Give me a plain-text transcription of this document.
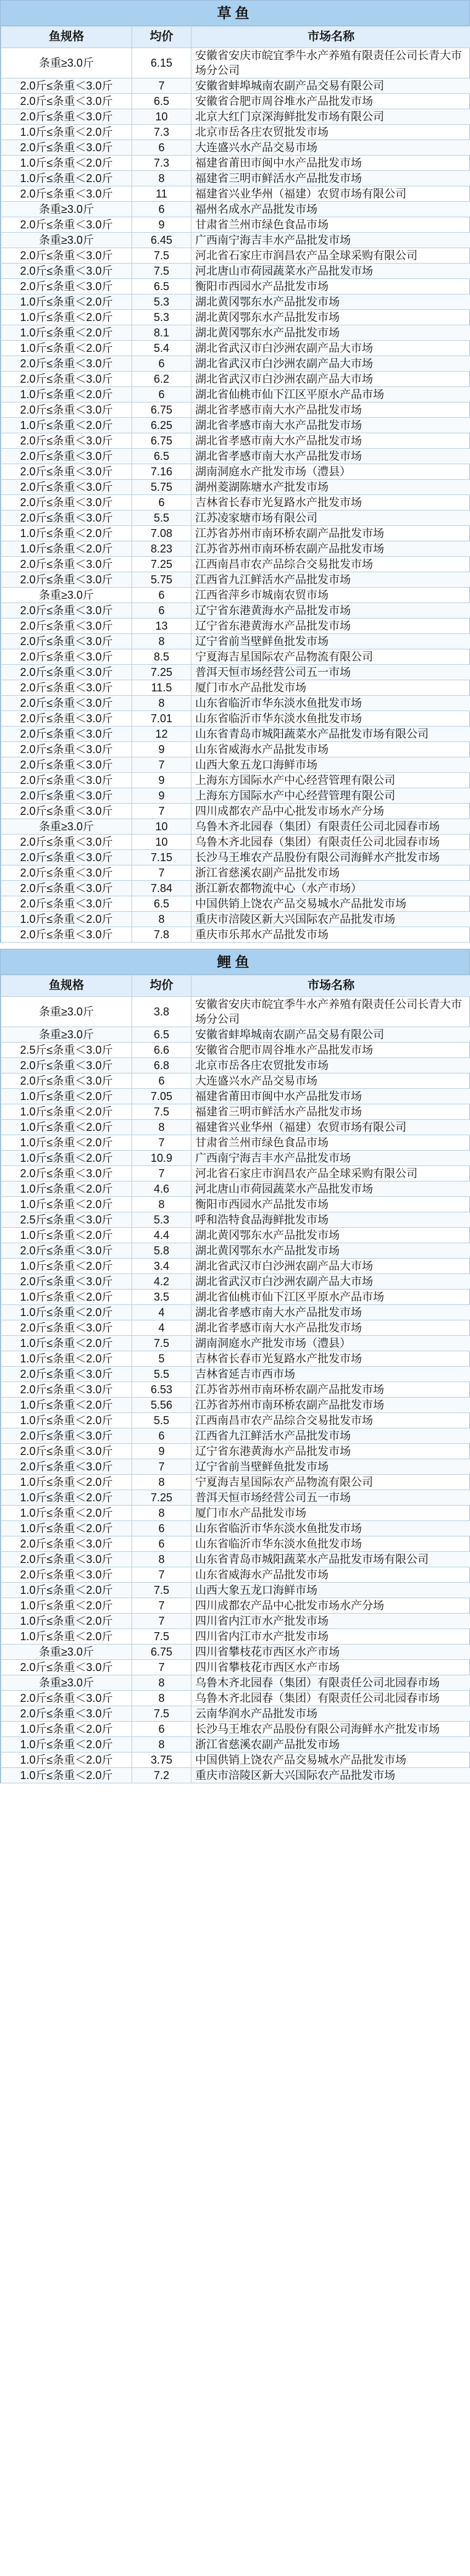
草鱼
鱼规格	均价	市场名称
条重≥3.0斤	6.15	安徽省安庆市皖宜季牛水产养殖有限责任公司长青大市场分公司
2.0斤≤条重＜3.0斤	7	安徽省蚌埠城南农副产品交易有限公司
2.0斤≤条重＜3.0斤	6.5	安徽省合肥市周谷堆水产品批发市场
2.0斤≤条重＜3.0斤	10	北京大红门京深海鲜批发市场有限公司
1.0斤≤条重＜2.0斤	7.3	北京市岳各庄农贸批发市场
2.0斤≤条重＜3.0斤	6	大连盛兴水产品交易市场
1.0斤≤条重＜2.0斤	7.3	福建省莆田市闽中水产品批发市场
1.0斤≤条重＜2.0斤	8	福建省三明市鲜活水产品批发市场
2.0斤≤条重＜3.0斤	11	福建省兴业华州（福建）农贸市场有限公司
条重≥3.0斤	6	福州名成水产品批发市场
2.0斤≤条重＜3.0斤	9	甘肃省兰州市绿色食品市场
条重≥3.0斤	6.45	广西南宁海吉丰水产品批发市场
2.0斤≤条重＜3.0斤	7.5	河北省石家庄市润昌农产品全球采购有限公司
2.0斤≤条重＜3.0斤	7.5	河北唐山市荷园蔬菜水产品批发市场
2.0斤≤条重＜3.0斤	6.5	衡阳市西园水产品批发市场
1.0斤≤条重＜2.0斤	5.3	湖北黄冈鄂东水产品批发市场
1.0斤≤条重＜2.0斤	5.3	湖北黄冈鄂东水产品批发市场
1.0斤≤条重＜2.0斤	8.1	湖北黄冈鄂东水产品批发市场
1.0斤≤条重＜2.0斤	5.4	湖北省武汉市白沙洲农副产品大市场
2.0斤≤条重＜3.0斤	6	湖北省武汉市白沙洲农副产品大市场
2.0斤≤条重＜3.0斤	6.2	湖北省武汉市白沙洲农副产品大市场
1.0斤≤条重＜2.0斤	6	湖北省仙桃市仙下江区平原水产品市场
2.0斤≤条重＜3.0斤	6.75	湖北省孝感市南大水产品批发市场
1.0斤≤条重＜2.0斤	6.25	湖北省孝感市南大水产品批发市场
2.0斤≤条重＜3.0斤	6.75	湖北省孝感市南大水产品批发市场
2.0斤≤条重＜3.0斤	6.5	湖北省孝感市南大水产品批发市场
2.0斤≤条重＜3.0斤	7.16	湖南洞庭水产批发市场（澧县）
2.0斤≤条重＜3.0斤	5.75	湖州菱湖陈塘水产批发市场
2.0斤≤条重＜3.0斤	6	吉林省长春市光复路水产批发市场
2.0斤≤条重＜3.0斤	5.5	江苏凌家塘市场有限公司
1.0斤≤条重＜2.0斤	7.08	江苏省苏州市南环桥农副产品批发市场
1.0斤≤条重＜2.0斤	8.23	江苏省苏州市南环桥农副产品批发市场
2.0斤≤条重＜3.0斤	7.25	江西南昌市农产品综合交易批发市场
2.0斤≤条重＜3.0斤	5.75	江西省九江鲜活水产品批发市场
条重≥3.0斤	6	江西省萍乡市城南农贸市场
2.0斤≤条重＜3.0斤	6	辽宁省东港黄海水产品批发市场
2.0斤≤条重＜3.0斤	13	辽宁省东港黄海水产品批发市场
2.0斤≤条重＜3.0斤	8	辽宁省前当壁鲜鱼批发市场
2.0斤≤条重＜3.0斤	8.5	宁夏海吉星国际农产品物流有限公司
2.0斤≤条重＜3.0斤	7.25	普洱天恒市场经营公司五一市场
2.0斤≤条重＜3.0斤	11.5	厦门市水产品批发市场
2.0斤≤条重＜3.0斤	8	山东省临沂市华东淡水鱼批发市场
2.0斤≤条重＜3.0斤	7.01	山东省临沂市华东淡水鱼批发市场
2.0斤≤条重＜3.0斤	12	山东省青岛市城阳蔬菜水产品批发市场有限公司
2.0斤≤条重＜3.0斤	9	山东省威海水产品批发市场
2.0斤≤条重＜3.0斤	7	山西大象五龙口海鲜市场
2.0斤≤条重＜3.0斤	9	上海东方国际水产中心经营管理有限公司
2.0斤≤条重＜3.0斤	9	上海东方国际水产中心经营管理有限公司
2.0斤≤条重＜3.0斤	7	四川成都农产品中心批发市场水产分场
条重≥3.0斤	10	乌鲁木齐北园春（集团）有限责任公司北园春市场
2.0斤≤条重＜3.0斤	10	乌鲁木齐北园春（集团）有限责任公司北园春市场
2.0斤≤条重＜3.0斤	7.15	长沙马王堆农产品股份有限公司海鲜水产批发市场
2.0斤≤条重＜3.0斤	7	浙江省慈溪农副产品批发市场
2.0斤≤条重＜3.0斤	7.84	浙江新农都物流中心（水产市场）
2.0斤≤条重＜3.0斤	6.5	中国供销上饶农产品交易城水产品批发市场
1.0斤≤条重＜2.0斤	8	重庆市涪陵区新大兴国际农产品批发市场
2.0斤≤条重＜3.0斤	7.8	重庆市乐邦水产品批发市场
鲤鱼
鱼规格	均价	市场名称
条重≥3.0斤	3.8	安徽省安庆市皖宜季牛水产养殖有限责任公司长青大市场分公司
条重≥3.0斤	6.5	安徽省蚌埠城南农副产品交易有限公司
2.5斤≤条重＜3.0斤	6.6	安徽省合肥市周谷堆水产品批发市场
2.0斤≤条重＜3.0斤	6.8	北京市岳各庄农贸批发市场
2.0斤≤条重＜3.0斤	6	大连盛兴水产品交易市场
1.0斤≤条重＜2.0斤	7.05	福建省莆田市闽中水产品批发市场
1.0斤≤条重＜2.0斤	7.5	福建省三明市鲜活水产品批发市场
1.0斤≤条重＜2.0斤	8	福建省兴业华州（福建）农贸市场有限公司
1.0斤≤条重＜2.0斤	7	甘肃省兰州市绿色食品市场
1.0斤≤条重＜2.0斤	10.9	广西南宁海吉丰水产品批发市场
2.0斤≤条重＜3.0斤	7	河北省石家庄市润昌农产品全球采购有限公司
1.0斤≤条重＜2.0斤	4.6	河北唐山市荷园蔬菜水产品批发市场
1.0斤≤条重＜2.0斤	8	衡阳市西园水产品批发市场
2.5斤≤条重＜3.0斤	5.3	呼和浩特食品海鲜批发市场
1.0斤≤条重＜2.0斤	4.4	湖北黄冈鄂东水产品批发市场
2.0斤≤条重＜3.0斤	5.8	湖北黄冈鄂东水产品批发市场
1.0斤≤条重＜2.0斤	3.4	湖北省武汉市白沙洲农副产品大市场
2.0斤≤条重＜3.0斤	4.2	湖北省武汉市白沙洲农副产品大市场
1.0斤≤条重＜2.0斤	3.5	湖北省仙桃市仙下江区平原水产品市场
1.0斤≤条重＜2.0斤	4	湖北省孝感市南大水产品批发市场
2.0斤≤条重＜3.0斤	4	湖北省孝感市南大水产品批发市场
1.0斤≤条重＜2.0斤	7.5	湖南洞庭水产批发市场（澧县）
1.0斤≤条重＜2.0斤	5	吉林省长春市光复路水产批发市场
2.0斤≤条重＜3.0斤	5.5	吉林省延吉市西市场
2.0斤≤条重＜3.0斤	6.53	江苏省苏州市南环桥农副产品批发市场
1.0斤≤条重＜2.0斤	5.56	江苏省苏州市南环桥农副产品批发市场
1.0斤≤条重＜2.0斤	5.5	江西南昌市农产品综合交易批发市场
2.0斤≤条重＜3.0斤	6	江西省九江鲜活水产品批发市场
2.0斤≤条重＜3.0斤	9	辽宁省东港黄海水产品批发市场
2.0斤≤条重＜3.0斤	7	辽宁省前当壁鲜鱼批发市场
1.0斤≤条重＜2.0斤	8	宁夏海吉星国际农产品物流有限公司
1.0斤≤条重＜2.0斤	7.25	普洱天恒市场经营公司五一市场
1.0斤≤条重＜2.0斤	8	厦门市水产品批发市场
1.0斤≤条重＜2.0斤	6	山东省临沂市华东淡水鱼批发市场
2.0斤≤条重＜3.0斤	6	山东省临沂市华东淡水鱼批发市场
2.0斤≤条重＜3.0斤	8	山东省青岛市城阳蔬菜水产品批发市场有限公司
2.0斤≤条重＜3.0斤	7	山东省威海水产品批发市场
1.0斤≤条重＜2.0斤	7.5	山西大象五龙口海鲜市场
1.0斤≤条重＜2.0斤	7	四川成都农产品中心批发市场水产分场
1.0斤≤条重＜2.0斤	7	四川省内江市水产批发市场
1.0斤≤条重＜2.0斤	7.5	四川省内江市水产批发市场
条重≥3.0斤	6.75	四川省攀枝花市西区水产市场
2.0斤≤条重＜3.0斤	7	四川省攀枝花市西区水产市场
条重≥3.0斤	8	乌鲁木齐北园春（集团）有限责任公司北园春市场
2.0斤≤条重＜3.0斤	8	乌鲁木齐北园春（集团）有限责任公司北园春市场
2.0斤≤条重＜3.0斤	7.5	云南华润水产品批发市场
1.0斤≤条重＜2.0斤	6	长沙马王堆农产品股份有限公司海鲜水产批发市场
1.0斤≤条重＜2.0斤	8	浙江省慈溪农副产品批发市场
1.0斤≤条重＜2.0斤	3.75	中国供销上饶农产品交易城水产品批发市场
1.0斤≤条重＜2.0斤	7.2	重庆市涪陵区新大兴国际农产品批发市场
